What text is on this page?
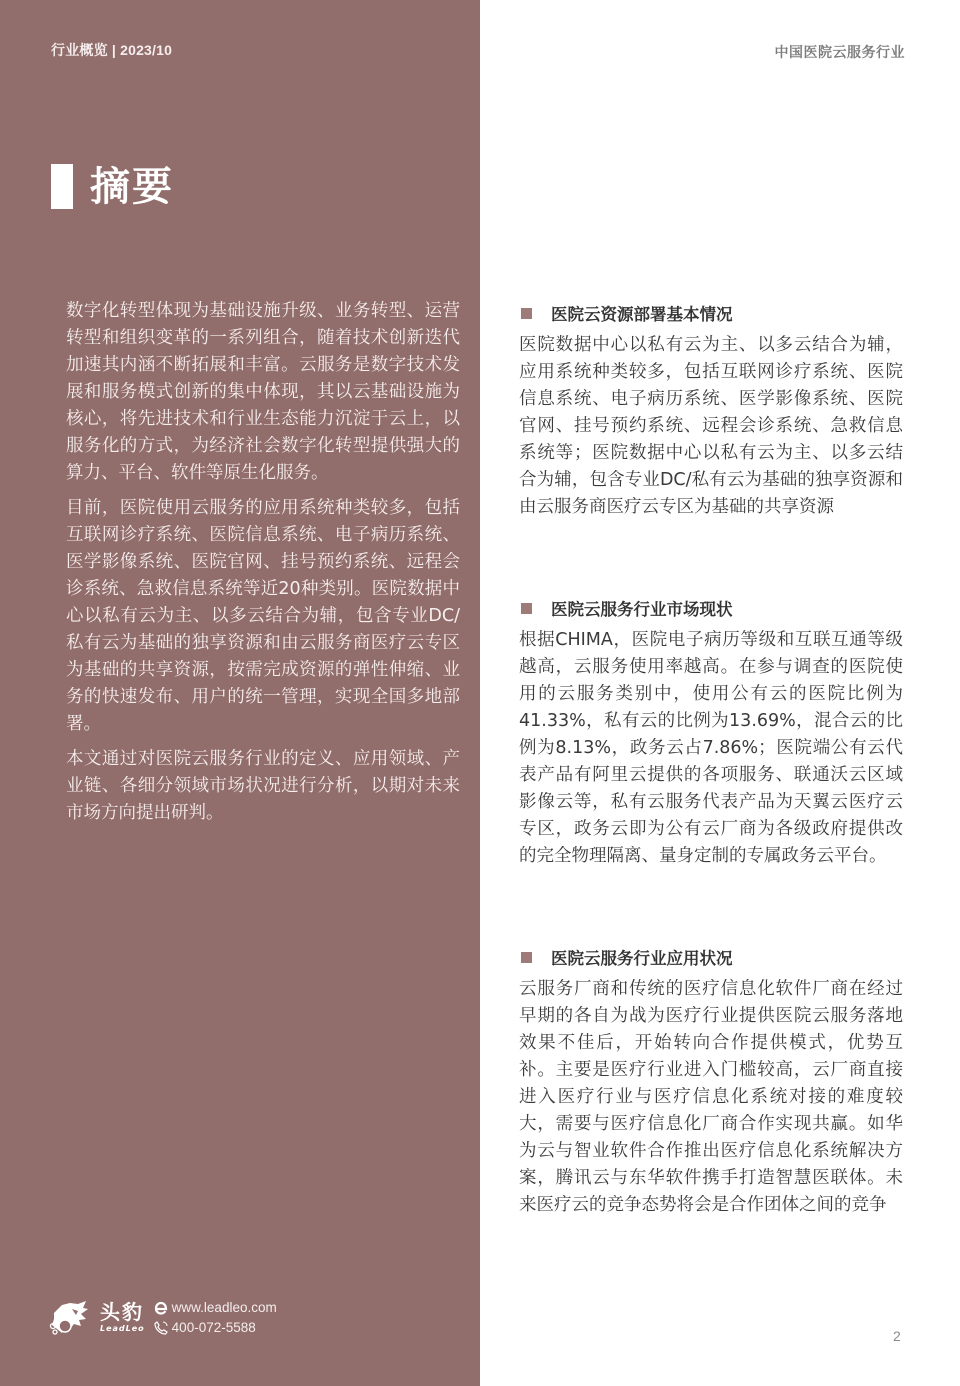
行业概览 | 2023/10	中国医院云服务行业
摘要

数字化转型体现为基础设施升级、业务转型、运营转型和组织变革的一系列组合，随着技术创新迭代加速其内涵不断拓展和丰富。云服务是数字技术发展和服务模式创新的集中体现，其以云基础设施为核心，将先进技术和行业生态能力沉淀于云上，以服务化的方式，为经济社会数字化转型提供强大的算力、平台、软件等原生化服务。

目前，医院使用云服务的应用系统种类较多，包括互联网诊疗系统、医院信息系统、电子病历系统、医学影像系统、医院官网、挂号预约系统、远程会诊系统、急救信息系统等近20种类别。医院数据中心以私有云为主、以多云结合为辅，包含专业DC/私有云为基础的独享资源和由云服务商医疗云专区为基础的共享资源，按需完成资源的弹性伸缩、业务的快速发布、用户的统一管理，实现全国多地部署。

本文通过对医院云服务行业的定义、应用领域、产业链、各细分领域市场状况进行分析，以期对未来市场方向提出研判。

医院云资源部署基本情况
医院数据中心以私有云为主、以多云结合为辅，应用系统种类较多，包括互联网诊疗系统、医院信息系统、电子病历系统、医学影像系统、医院官网、挂号预约系统、远程会诊系统、急救信息系统等；医院数据中心以私有云为主、以多云结合为辅，包含专业DC/私有云为基础的独享资源和由云服务商医疗云专区为基础的共享资源
医院云服务行业市场现状
根据CHIMA，医院电子病历等级和互联互通等级越高，云服务使用率越高。在参与调查的医院使用的云服务类别中，使用公有云的医院比例为41.33%，私有云的比例为13.69%，混合云的比例为8.13%，政务云占7.86%；医院端公有云代表产品有阿里云提供的各项服务、联通沃云区域影像云等，私有云服务代表产品为天翼云医疗云专区，政务云即为公有云厂商为各级政府提供改的完全物理隔离、量身定制的专属政务云平台。
医院云服务行业应用状况
云服务厂商和传统的医疗信息化软件厂商在经过早期的各自为战为医疗行业提供医院云服务落地效果不佳后，开始转向合作提供模式，优势互补。主要是医疗行业进入门槛较高，云厂商直接进入医疗行业与医疗信息化系统对接的难度较大，需要与医疗信息化厂商合作实现共赢。如华为云与智业软件合作推出医疗信息化系统解决方案，腾讯云与东华软件携手打造智慧医联体。未来医疗云的竞争态势将会是合作团体之间的竞争
头豹
LeadLeo
www.leadleo.com
400-072-5588
2
